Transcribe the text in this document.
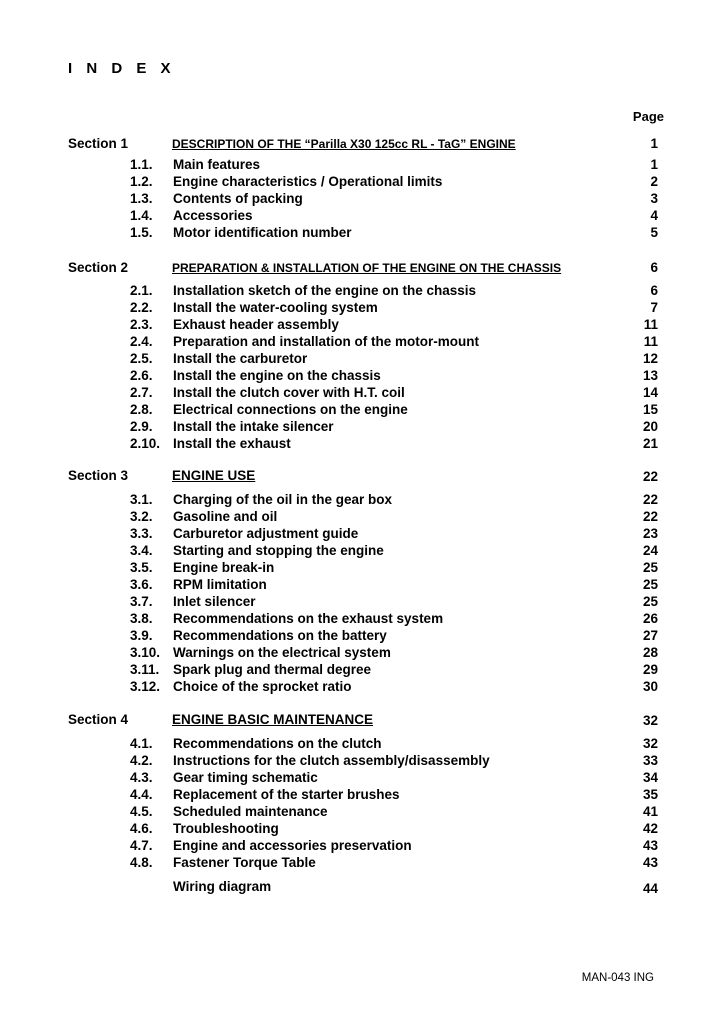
I N D E X
Page
Section 1	DESCRIPTION OF THE “Parilla X30 125cc RL - TaG” ENGINE	1
1.1. Main features	1
1.2. Engine characteristics / Operational limits	2
1.3. Contents of packing	3
1.4. Accessories	4
1.5. Motor identification number	5
Section 2	PREPARATION & INSTALLATION OF THE ENGINE ON THE CHASSIS	6
2.1. Installation sketch of the engine on the chassis	6
2.2. Install the water-cooling system	7
2.3. Exhaust header assembly	11
2.4. Preparation and installation of the motor-mount	11
2.5. Install the carburetor	12
2.6. Install the engine on the chassis	13
2.7. Install the clutch cover with H.T. coil	14
2.8. Electrical connections on the engine	15
2.9. Install the intake silencer	20
2.10. Install the exhaust	21
Section 3	ENGINE USE	22
3.1. Charging of the oil in the gear box	22
3.2. Gasoline and oil	22
3.3. Carburetor adjustment guide	23
3.4. Starting and stopping the engine	24
3.5. Engine break-in	25
3.6. RPM limitation	25
3.7. Inlet silencer	25
3.8. Recommendations on the exhaust system	26
3.9. Recommendations on the battery	27
3.10. Warnings on the electrical system	28
3.11. Spark plug and thermal degree	29
3.12. Choice of the sprocket ratio	30
Section 4	ENGINE BASIC MAINTENANCE	32
4.1. Recommendations on the clutch	32
4.2. Instructions for the clutch assembly/disassembly	33
4.3. Gear timing schematic	34
4.4. Replacement of the starter brushes	35
4.5. Scheduled maintenance	41
4.6. Troubleshooting	42
4.7. Engine and accessories preservation	43
4.8. Fastener Torque Table	43
Wiring diagram	44
MAN-043 ING
